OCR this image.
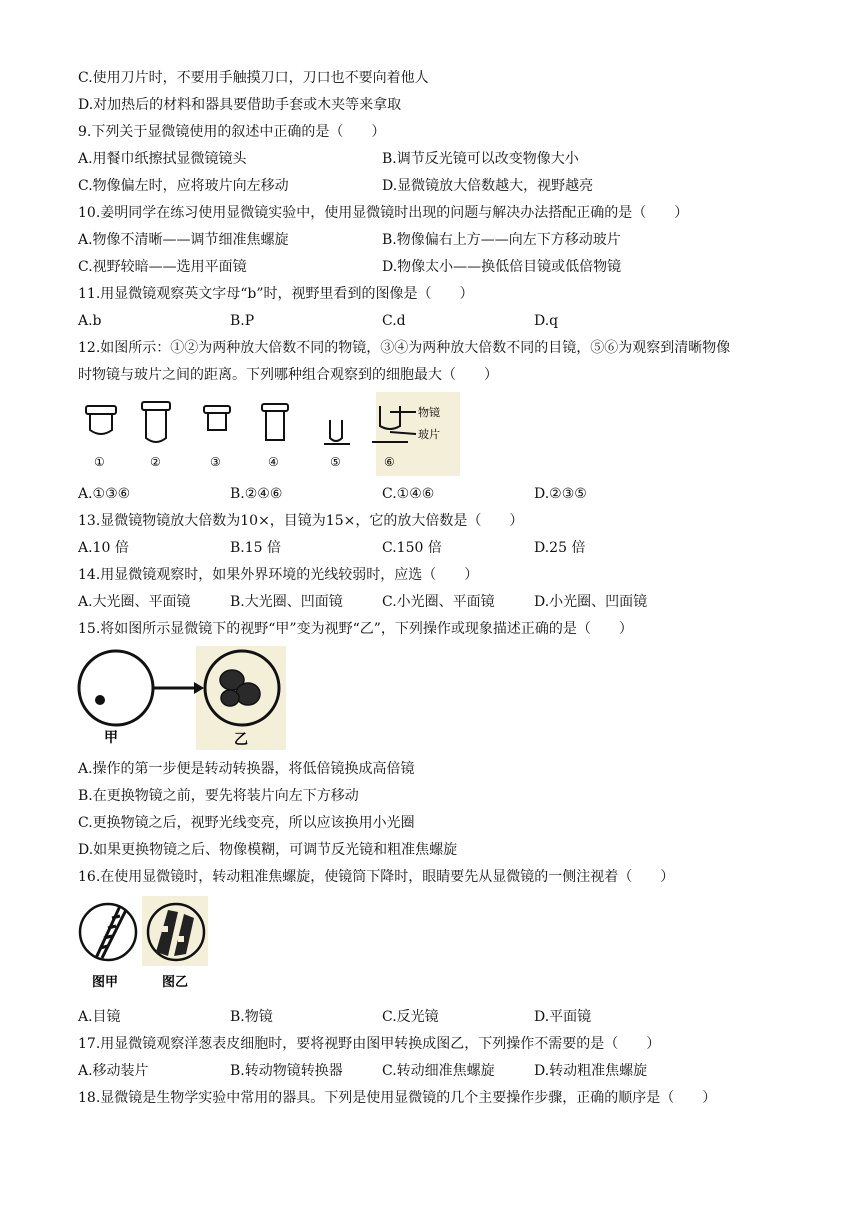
C.使用刀片时，不要用手触摸刀口，刀口也不要向着他人
D.对加热后的材料和器具要借助手套或木夹等来拿取
9.下列关于显微镜使用的叙述中正确的是（　　）
A.用餐巾纸擦拭显微镜镜头	B.调节反光镜可以改变物像大小
C.物像偏左时，应将玻片向左移动	D.显微镜放大倍数越大，视野越亮
10.姜明同学在练习使用显微镜实验中，使用显微镜时出现的问题与解决办法搭配正确的是（　　）
A.物像不清晰——调节细准焦螺旋	B.物像偏右上方——向左下方移动玻片
C.视野较暗——选用平面镜	D.物像太小——换低倍目镜或低倍物镜
11.用显微镜观察英文字母“b”时，视野里看到的图像是（　　）
A.b	B.P	C.d	D.q
12.如图所示：①②为两种放大倍数不同的物镜，③④为两种放大倍数不同的目镜，⑤⑥为观察到清晰物像
时物镜与玻片之间的距离。下列哪种组合观察到的细胞最大（　　）
物镜
玻片
①	②	③	④	⑤	⑥
A.①③⑥	B.②④⑥	C.①④⑥	D.②③⑤
13.显微镜物镜放大倍数为10×，目镜为15×，它的放大倍数是（　　）
A.10 倍	B.15 倍	C.150 倍	D.25 倍
14.用显微镜观察时，如果外界环境的光线较弱时，应选（　　）
A.大光圈、平面镜	B.大光圈、凹面镜	C.小光圈、平面镜	D.小光圈、凹面镜
15.将如图所示显微镜下的视野“甲”变为视野“乙”，下列操作或现象描述正确的是（　　）
甲	乙
A.操作的第一步便是转动转换器，将低倍镜换成高倍镜
B.在更换物镜之前，要先将装片向左下方移动
C.更换物镜之后，视野光线变亮，所以应该换用小光圈
D.如果更换物镜之后、物像模糊，可调节反光镜和粗准焦螺旋
16.在使用显微镜时，转动粗准焦螺旋，使镜筒下降时，眼睛要先从显微镜的一侧注视着（　　）
图甲	图乙
A.目镜	B.物镜	C.反光镜	D.平面镜
17.用显微镜观察洋葱表皮细胞时，要将视野由图甲转换成图乙，下列操作不需要的是（　　）
A.移动装片	B.转动物镜转换器	C.转动细准焦螺旋	D.转动粗准焦螺旋
18.显微镜是生物学实验中常用的器具。下列是使用显微镜的几个主要操作步骤，正确的顺序是（　　）
